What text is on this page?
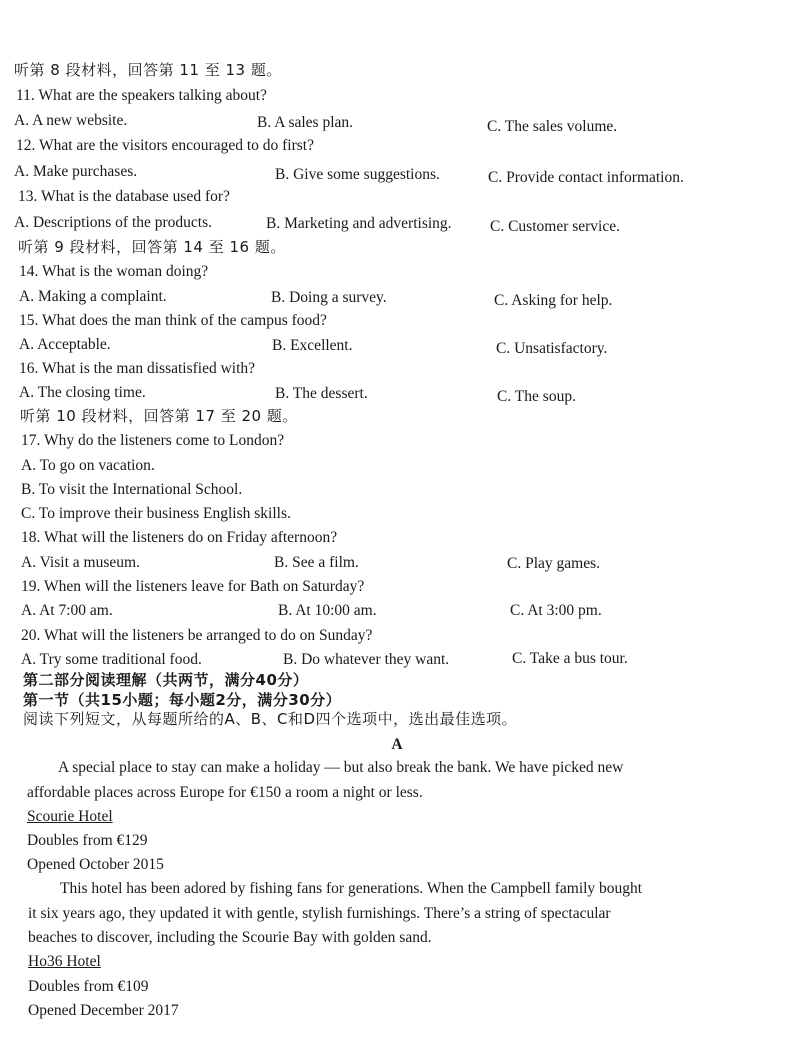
听第 8 段材料，回答第 11 至 13 题。
11. What are the speakers talking about?
A. A new website.	B. A sales plan.	C. The sales volume.
12. What are the visitors encouraged to do first?
A. Make purchases.	B. Give some suggestions.	C. Provide contact information.
13. What is the database used for?
A. Descriptions of the products.	B. Marketing and advertising. C. Customer service.
听第 9 段材料，回答第 14 至 16 题。
14. What is the woman doing?
A. Making a complaint.	B. Doing a survey.	C. Asking for help.
15. What does the man think of the campus food?
A. Acceptable.	B. Excellent.	C. Unsatisfactory.
16. What is the man dissatisfied with?
A. The closing time.	B. The dessert.	C. The soup.
听第 10 段材料，回答第 17 至 20 题。
17. Why do the listeners come to London?
A. To go on vacation.
B. To visit the International School.
C. To improve their business English skills.
18. What will the listeners do on Friday afternoon?
A. Visit a museum.	B. See a film.	C. Play games.
19. When will the listeners leave for Bath on Saturday?
A. At 7:00 am.	B. At 10:00 am.	C. At 3:00 pm.
20. What will the listeners be arranged to do on Sunday?
A. Try some traditional food.	B. Do whatever they want.	C. Take a bus tour.
第二部分阅读理解（共两节，满分40分）
第一节（共15小题；每小题2分，满分30分）
阅读下列短文，从每题所给的A、B、C和D四个选项中，选出最佳选项。
A
A special place to stay can make a holiday — but also break the bank. We have picked new
affordable places across Europe for €150 a room a night or less.
Scourie Hotel
Doubles from €129
Opened October 2015
This hotel has been adored by fishing fans for generations. When the Campbell family bought
it six years ago, they updated it with gentle, stylish furnishings. There’s a string of spectacular
beaches to discover, including the Scourie Bay with golden sand.
Ho36 Hotel
Doubles from €109
Opened December 2017
